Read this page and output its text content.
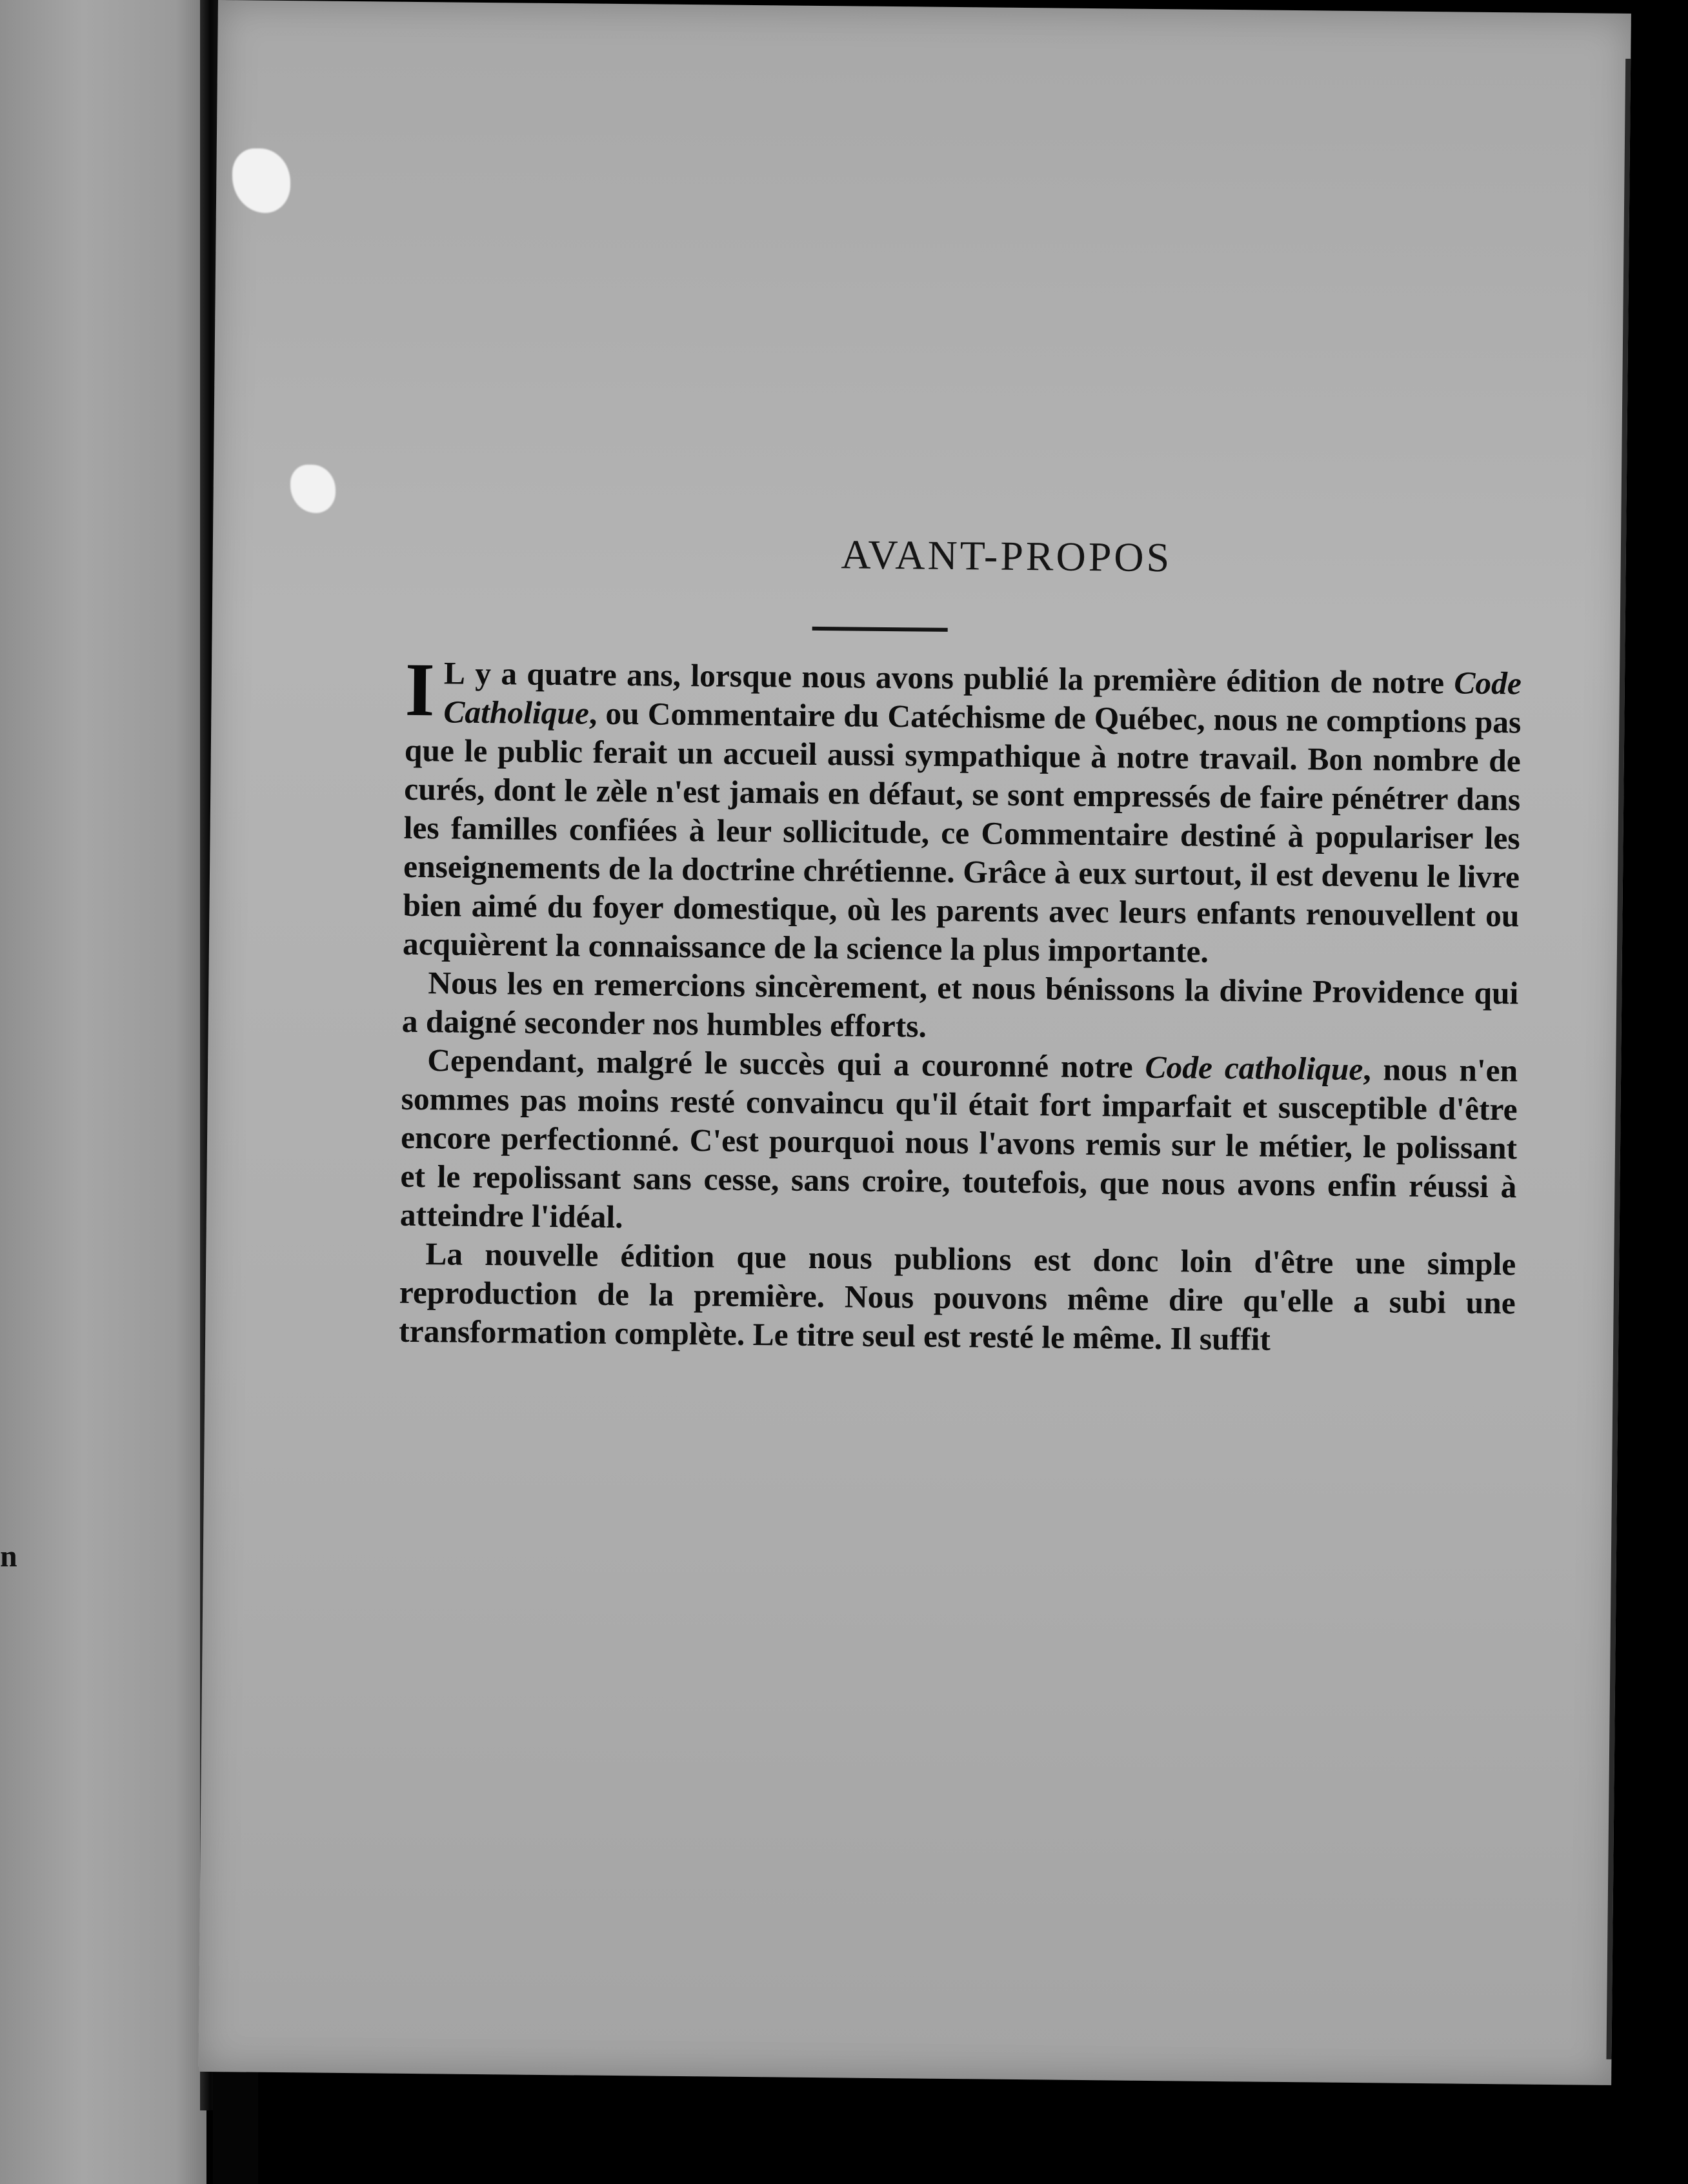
n
AVANT-PROPOS

I L y a quatre ans, lorsque nous avons publié la première édition de notre Code Catholique, ou Commentaire du Catéchisme de Québec, nous ne comptions pas que le public ferait un accueil aussi sympathique à notre travail. Bon nombre de curés, dont le zèle n'est jamais en défaut, se sont empressés de faire pénétrer dans les familles confiées à leur sollicitude, ce Commentaire destiné à populariser les enseignements de la doctrine chrétienne. Grâce à eux surtout, il est devenu le livre bien aimé du foyer domestique, où les parents avec leurs enfants renouvellent ou acquièrent la connaissance de la science la plus importante.

Nous les en remercions sincèrement, et nous bénissons la divine Providence qui a daigné seconder nos humbles efforts.

Cependant, malgré le succès qui a couronné notre Code catholique, nous n'en sommes pas moins resté convaincu qu'il était fort imparfait et susceptible d'être encore perfectionné. C'est pourquoi nous l'avons remis sur le métier, le polissant et le repolissant sans cesse, sans croire, toutefois, que nous avons enfin réussi à atteindre l'idéal.

La nouvelle édition que nous publions est donc loin d'être une simple reproduction de la première. Nous pouvons même dire qu'elle a subi une transformation complète. Le titre seul est resté le même. Il suffit
